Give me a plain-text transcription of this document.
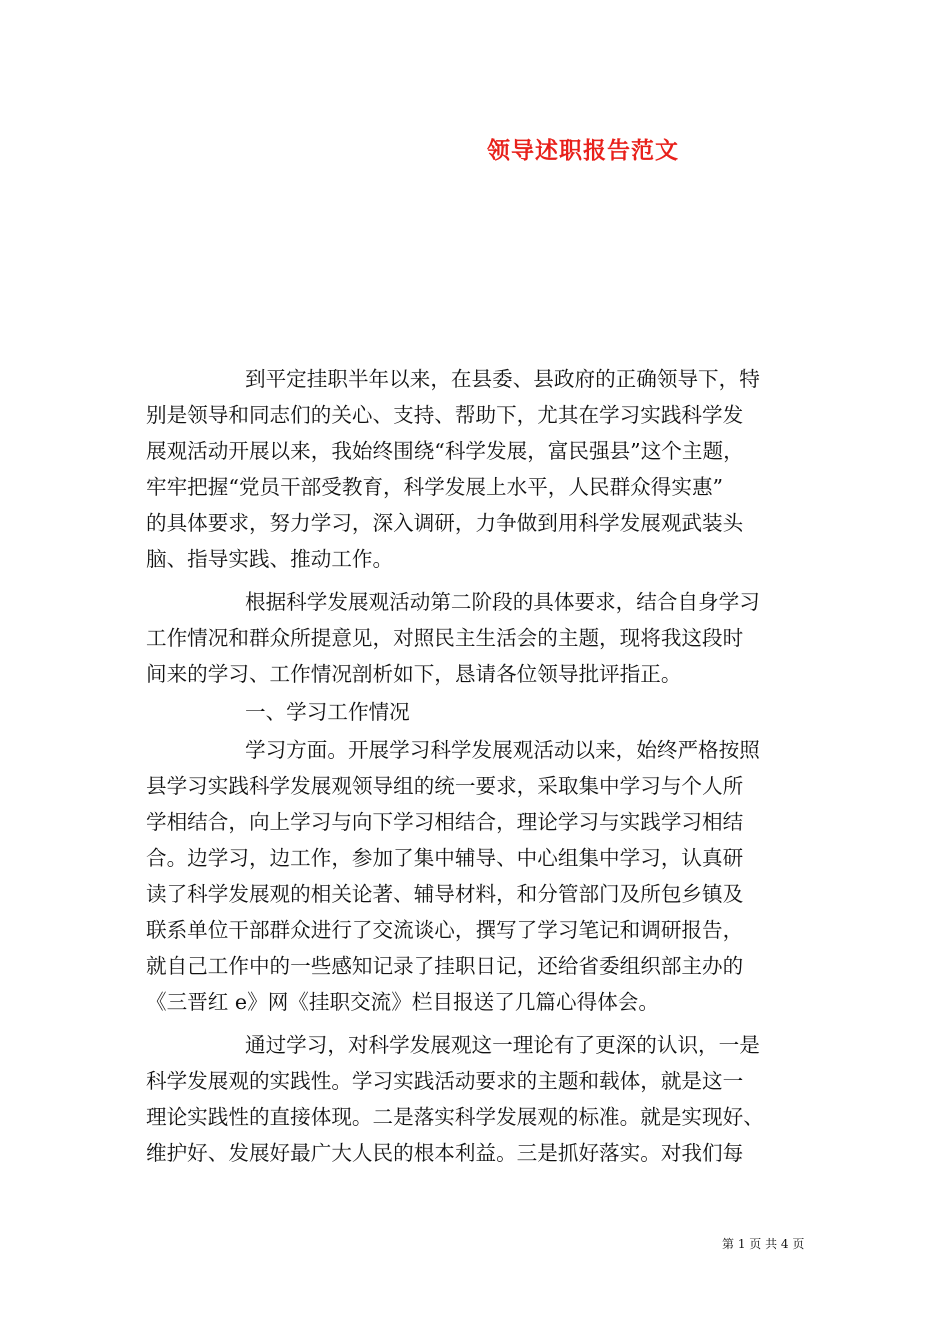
领导述职报告范文
到平定挂职半年以来，在县委、县政府的正确领导下，特
别是领导和同志们的关心、支持、帮助下，尤其在学习实践科学发
展观活动开展以来，我始终围绕“科学发展，富民强县”这个主题，
牢牢把握“党员干部受教育，科学发展上水平，人民群众得实惠”
的具体要求，努力学习，深入调研，力争做到用科学发展观武装头
脑、指导实践、推动工作。
根据科学发展观活动第二阶段的具体要求，结合自身学习
工作情况和群众所提意见，对照民主生活会的主题，现将我这段时
间来的学习、工作情况剖析如下，恳请各位领导批评指正。
一、学习工作情况
学习方面。开展学习科学发展观活动以来，始终严格按照
县学习实践科学发展观领导组的统一要求，采取集中学习与个人所
学相结合，向上学习与向下学习相结合，理论学习与实践学习相结
合。边学习，边工作，参加了集中辅导、中心组集中学习，认真研
读了科学发展观的相关论著、辅导材料，和分管部门及所包乡镇及
联系单位干部群众进行了交流谈心，撰写了学习笔记和调研报告，
就自己工作中的一些感知记录了挂职日记，还给省委组织部主办的
《三晋红 e》网《挂职交流》栏目报送了几篇心得体会。
通过学习，对科学发展观这一理论有了更深的认识，一是
科学发展观的实践性。学习实践活动要求的主题和载体，就是这一
理论实践性的直接体现。二是落实科学发展观的标准。就是实现好、
维护好、发展好最广大人民的根本利益。三是抓好落实。对我们每
第 1 页 共 4 页
